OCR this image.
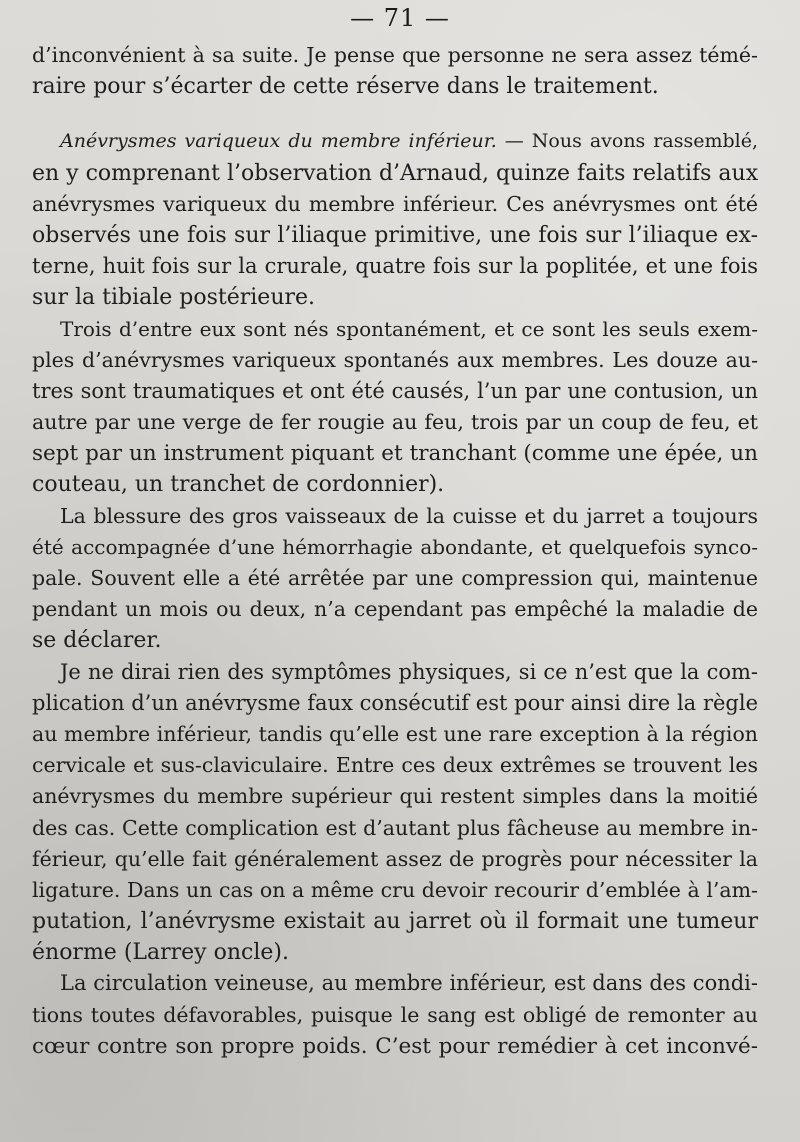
— 71 —
d’inconvénient à sa suite. Je pense que personne ne sera assez témé-
raire pour s’écarter de cette réserve dans le traitement.
Anévrysmes variqueux du membre inférieur. — Nous avons rassemblé,
en y comprenant l’observation d’Arnaud, quinze faits relatifs aux
anévrysmes variqueux du membre inférieur. Ces anévrysmes ont été
observés une fois sur l’iliaque primitive, une fois sur l’iliaque ex-
terne, huit fois sur la crurale, quatre fois sur la poplitée, et une fois
sur la tibiale postérieure.
Trois d’entre eux sont nés spontanément, et ce sont les seuls exem-
ples d’anévrysmes variqueux spontanés aux membres. Les douze au-
tres sont traumatiques et ont été causés, l’un par une contusion, un
autre par une verge de fer rougie au feu, trois par un coup de feu, et
sept par un instrument piquant et tranchant (comme une épée, un
couteau, un tranchet de cordonnier).
La blessure des gros vaisseaux de la cuisse et du jarret a toujours
été accompagnée d’une hémorrhagie abondante, et quelquefois synco-
pale. Souvent elle a été arrêtée par une compression qui, maintenue
pendant un mois ou deux, n’a cependant pas empêché la maladie de
se déclarer.
Je ne dirai rien des symptômes physiques, si ce n’est que la com-
plication d’un anévrysme faux consécutif est pour ainsi dire la règle
au membre inférieur, tandis qu’elle est une rare exception à la région
cervicale et sus-claviculaire. Entre ces deux extrêmes se trouvent les
anévrysmes du membre supérieur qui restent simples dans la moitié
des cas. Cette complication est d’autant plus fâcheuse au membre in-
férieur, qu’elle fait généralement assez de progrès pour nécessiter la
ligature. Dans un cas on a même cru devoir recourir d’emblée à l’am-
putation, l’anévrysme existait au jarret où il formait une tumeur
énorme (Larrey oncle).
La circulation veineuse, au membre inférieur, est dans des condi-
tions toutes défavorables, puisque le sang est obligé de remonter au
cœur contre son propre poids. C’est pour remédier à cet inconvé-
